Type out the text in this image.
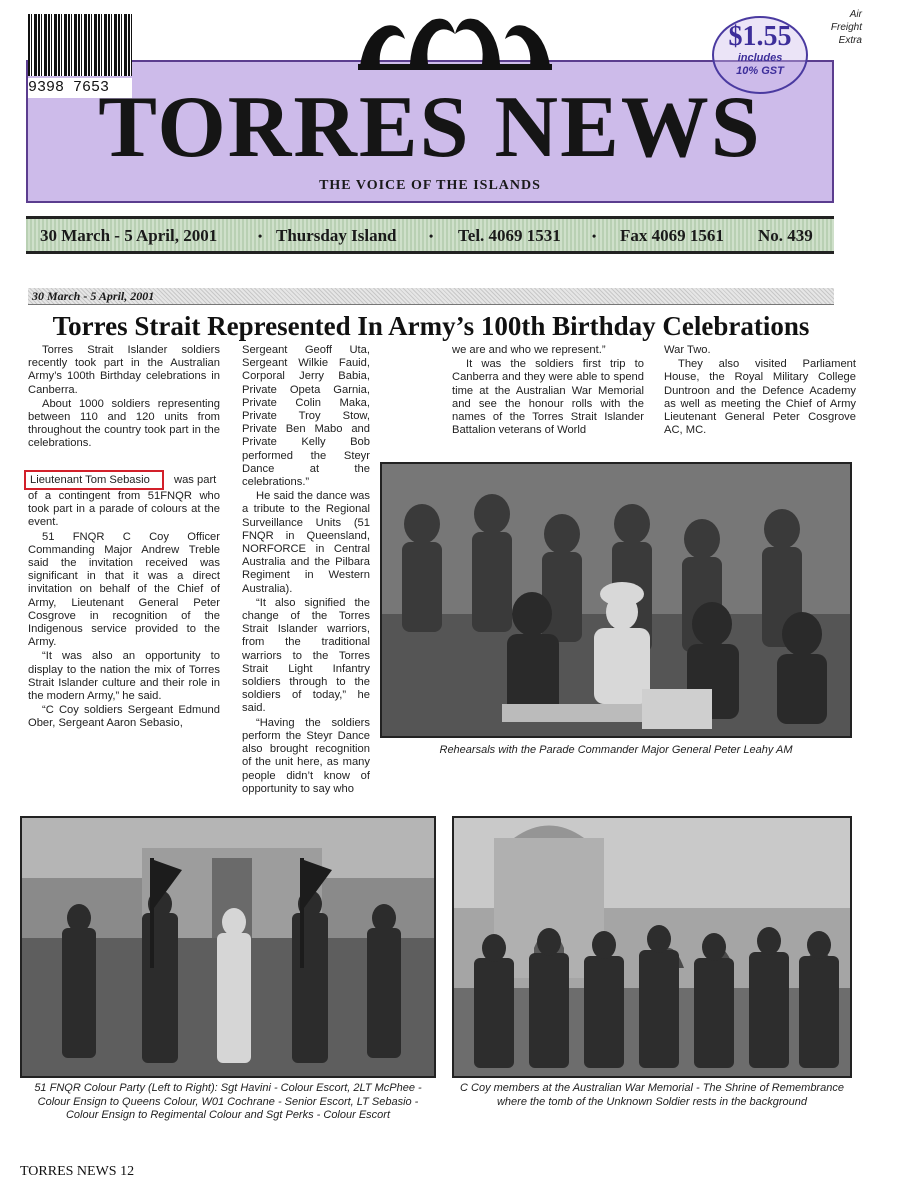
9398 7653
TORRES NEWS
THE VOICE OF THE ISLANDS
$1.55
includes
10% GST
Air
Freight
Extra
30 March - 5 April, 2001	• Thursday Island	• Tel. 4069 1531	• Fax 4069 1561 No. 439
30 March - 5 April, 2001
Torres Strait Represented In Army’s 100th Birthday Celebrations

Torres Strait Islander soldiers recently took part in the Australian Army’s 100th Birthday celebrations in Canberra.

About 1000 soldiers representing between 110 and 120 units from throughout the country took part in the celebrations.

Lieutenant Tom Sebasio	was part

of a contingent from 51FNQR who took part in a parade of colours at the event.

51 FNQR C Coy Officer Commanding Major Andrew Treble said the invitation received was significant in that it was a direct invitation on behalf of the Chief of Army, Lieutenant General Peter Cosgrove in recognition of the Indigenous service provided to the Army.

“It was also an opportunity to display to the nation the mix of Torres Strait Islander culture and their role in the modern Army,” he said.

“C Coy soldiers Sergeant Edmund Ober, Sergeant Aaron Sebasio,

Sergeant Geoff Uta, Sergeant Wilkie Fauid, Corporal Jerry Babia, Private Opeta Garnia, Private Colin Maka, Private Troy Stow, Private Ben Mabo and Private Kelly Bob performed the Steyr Dance at the celebrations.”

He said the dance was a tribute to the Regional Surveillance Units (51 FNQR in Queensland, NORFORCE in Central Australia and the Pilbara Regiment in Western Australia).

“It also signified the change of the Torres Strait Islander warriors, from the traditional warriors to the Torres Strait Light Infantry soldiers through to the soldiers of today,” he said.

“Having the soldiers perform the Steyr Dance also brought recognition of the unit here, as many people didn’t know of opportunity to say who

we are and who we represent.”

It was the soldiers first trip to Canberra and they were able to spend time at the Australian War Memorial and see the honour rolls with the names of the Torres Strait Islander Battalion veterans of World

War Two.

They also visited Parliament House, the Royal Military College Duntroon and the Defence Academy as well as meeting the Chief of Army Lieutenant General Peter Cosgrove AC, MC.

Rehearsals with the Parade Commander Major General Peter Leahy AM
51 FNQR Colour Party (Left to Right): Sgt Havini - Colour Escort, 2LT McPhee - Colour Ensign to Queens Colour, W01 Cochrane - Senior Escort, LT Sebasio - Colour Ensign to Regimental Colour and Sgt Perks - Colour Escort
C Coy members at the Australian War Memorial - The Shrine of Remembrance where the tomb of the Unknown Soldier rests in the background
TORRES NEWS 12
